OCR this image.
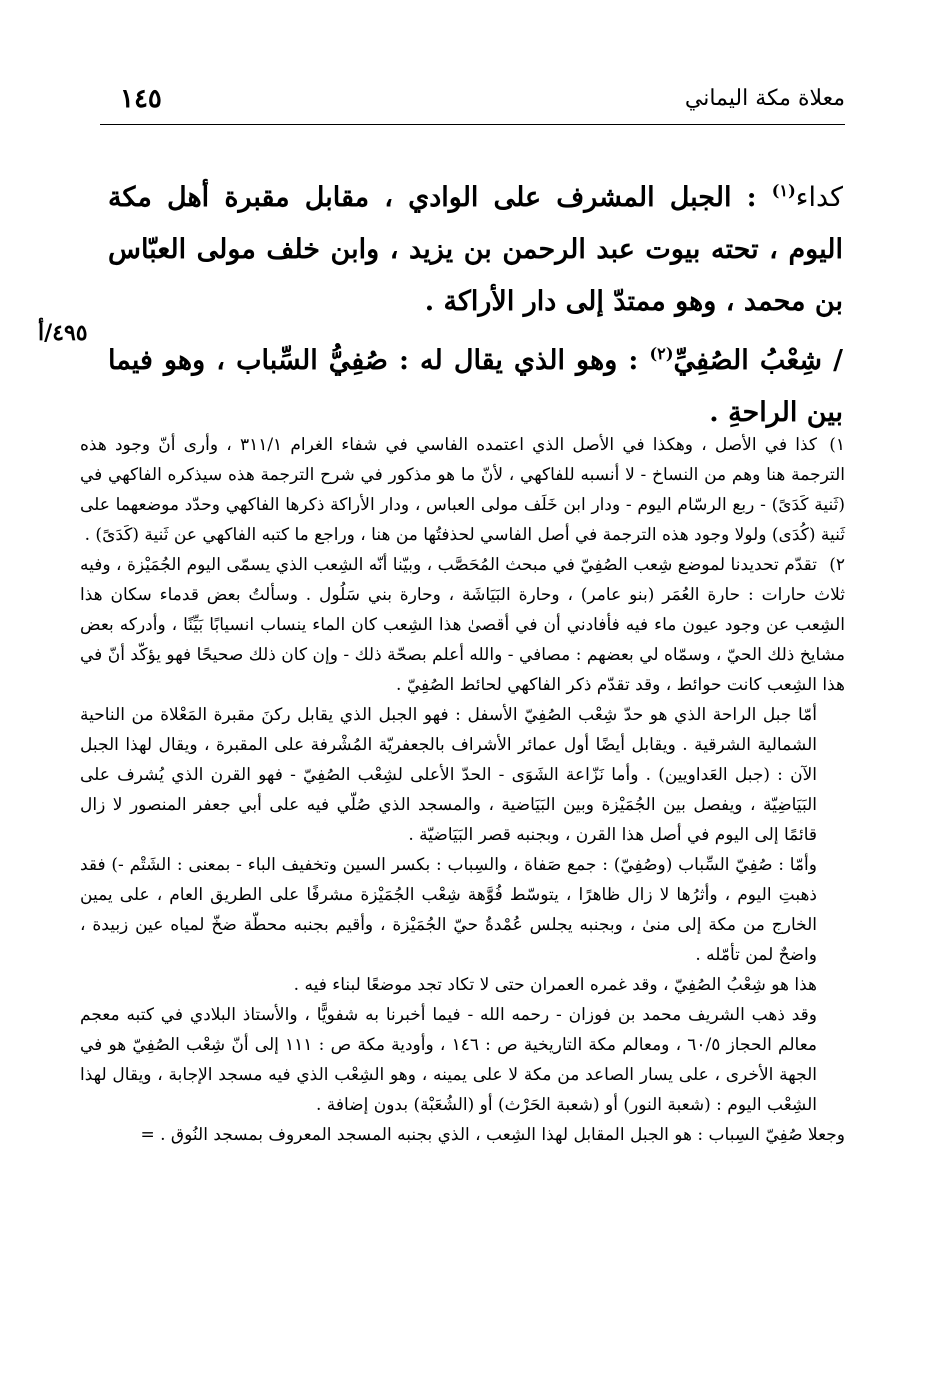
معلاة مكة اليماني
١٤٥

كداء$^{(١)}$ : الجبل المشرف على الوادي ، مقابل مقبرة أهل مكة اليوم ، تحته بيوت عبد الرحمن بن يزيد ، وابن خلف مولى العبّاس بن محمد ، وهو ممتدّ إلى دار الأراكة .

/ شِعْبُ الصُفِيِّ$^{(٢)}$ : وهو الذي يقال له : صُفِيُّ السِّباب ، وهو فيما بين الراحةِ .

٤٩٥/أ

١)كذا في الأصل ، وهكذا في الأصل الذي اعتمده الفاسي في شفاء الغرام ٣١١/١ ، وأرى أنّ وجود هذه الترجمة هنا وهم من النساخ - لا أنسبه للفاكهي ، لأنّ ما هو مذكور في شرح الترجمة هذه سيذكره الفاكهي في (ثَنية كَدَىً) - ربع الرسّام اليوم - ودار ابن خَلَف مولى العباس ، ودار الأراكة ذكرها الفاكهي وحدّد موضعهما على ثَنية (كُدَى) ولولا وجود هذه الترجمة في أصل الفاسي لحذفتُها من هنا ، وراجع ما كتبه الفاكهي عن ثَنية (كَدَىً) .

٢)تقدّم تحديدنا لموضع شِعب الصُفِيّ في مبحث المُحَصَّب ، وبيّنا أنّه الشِعب الذي يسمّى اليوم الجُمَيْزة ، وفيه ثلاث حارات : حارة العُمَر (بنو عامر) ، وحارة البَيَاشَة ، وحارة بني سَلُول . وسألتُ بعض قدماء سكان هذا الشِعب عن وجود عيون ماء فيه فأفادني أن في أقصىٰ هذا الشِعب كان الماء ينساب انسيابًا بَيِّنًا ، وأدركه بعض مشايخ ذلك الحيّ ، وسمّاه لي بعضهم : مصافي - والله أعلم بصحّة ذلك - وإن كان ذلك صحيحًا فهو يؤكّد أنّ في هذا الشِعب كانت حوائط ، وقد تقدّم ذكر الفاكهي لحائط الصُفِيّ .

أمّا جبل الراحة الذي هو حدّ شِعْب الصُفِيّ الأسفل : فهو الجبل الذي يقابل ركنَ مقبرة المَعْلاة من الناحية الشمالية الشرقية . ويقابل أيضًا أول عمائر الأشراف بالجعفريّة المُشْرفة على المقبرة ، ويقال لهذا الجبل الآن : (جبل العَداويين) . وأما نَزّاعة الشَوَى - الحدّ الأعلى لشِعْب الصُفِيّ - فهو القرن الذي يُشرف على البَيَاضِيّة ، ويفصل بين الجُمَيْزة وبين البَيَاضية ، والمسجد الذي صُلّي فيه على أبي جعفر المنصور لا زال قائمًا إلى اليوم في أصل هذا القرن ، وبجنبه قصر البَيَاضيّة .

وأمّا : صُفِيّ السِّباب (وصُفِيّ) : جمع صَفاة ، والسِباب : بكسر السين وتخفيف الباء - بمعنى : الشَتْم -) فقد ذهبتِ اليوم ، وأثرُها لا زال ظاهرًا ، يتوسّط فُوَّهة شِعْب الجُمَيْزة مشرفًا على الطريق العام ، على يمين الخارج من مكة إلى منىٰ ، وبجنبه يجلس عُمْدةُ حيّ الجُمَيْزة ، وأقيم بجنبه محطّة ضخّ لمياه عين زبيدة ، واضحٌ لمن تأمّله .

هذا هو شِعْبُ الصُفِيّ ، وقد غمره العمران حتى لا تكاد تجد موضعًا لبناء فيه .

وقد ذهب الشريف محمد بن فوزان - رحمه الله - فيما أخبرنا به شفويًّا ، والأستاذ البلادي في كتبه معجم معالم الحجاز ٦٠/٥ ، ومعالم مكة التاريخية ص : ١٤٦ ، وأودية مكة ص : ١١١ إلى أنّ شِعْب الصُفِيّ هو في الجهة الأخرى ، على يسار الصاعد من مكة لا على يمينه ، وهو الشِعْب الذي فيه مسجد الإجابة ، ويقال لهذا الشِعْب اليوم : (شعبة النور) أو (شعبة الحَرْث) أو (الشُعَبْة) بدون إضافة .

وجعلا صُفِيّ السِباب : هو الجبل المقابل لهذا الشِعب ، الذي بجنبه المسجد المعروف بمسجد النُوق . =
